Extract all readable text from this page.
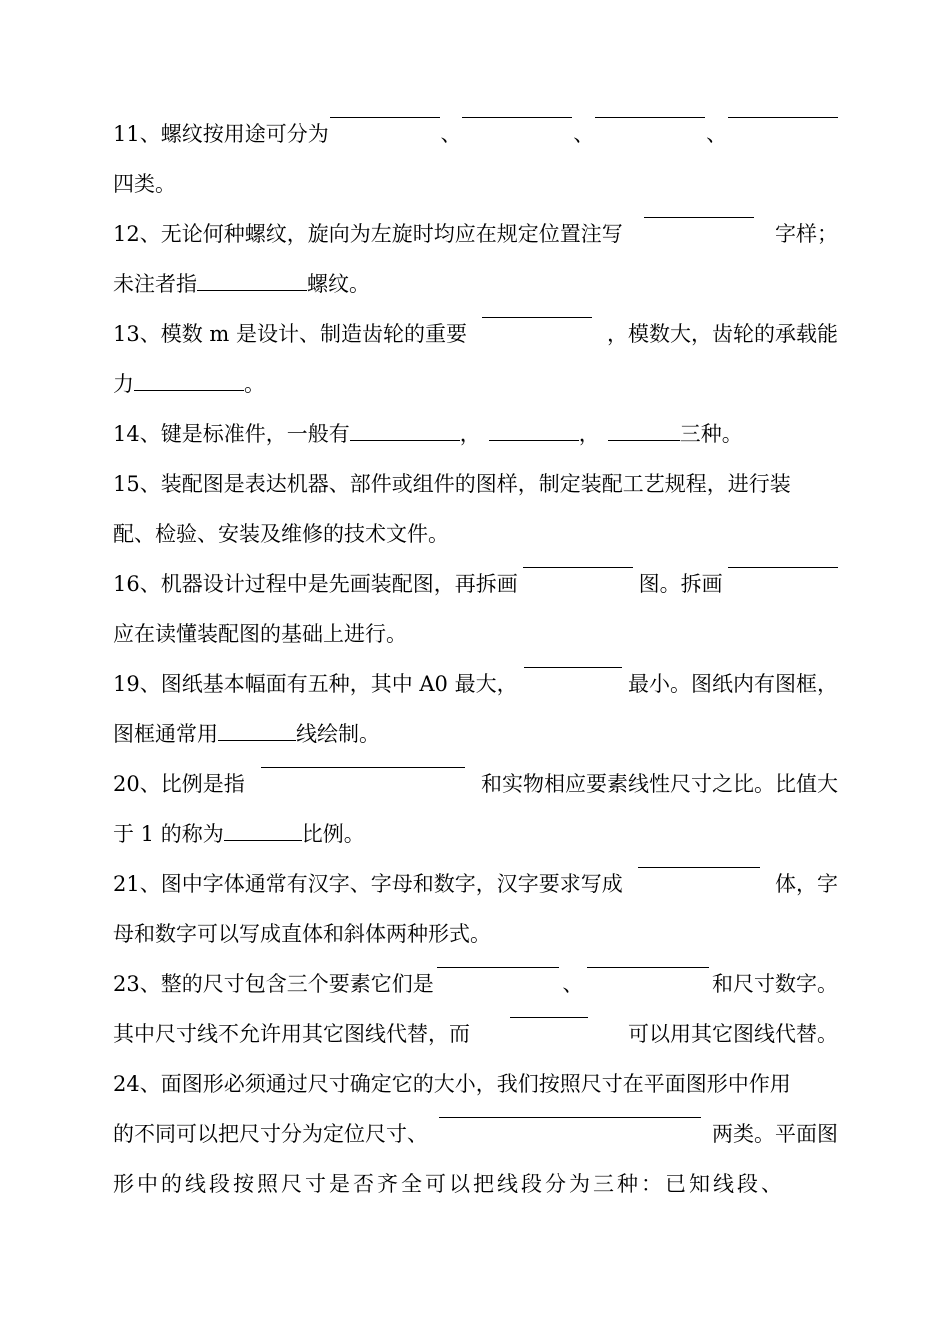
11、螺纹按用途可分为	、	、	、
四类。
12、无论何种螺纹，旋向为左旋时均应在规定位置注写	字样；
未注者指	螺纹。
13、模数 m 是设计、制造齿轮的重要	，模数大，齿轮的承载能
力	。
14、键是标准件，一般有	，	，	三种。
15、装配图是表达机器、部件或组件的图样，制定装配工艺规程，进行装
配、检验、安装及维修的技术文件。
16、机器设计过程中是先画装配图，再拆画	图。拆画
应在读懂装配图的基础上进行。
19、图纸基本幅面有五种，其中 A0 最大，	最小。图纸内有图框，
图框通常用	线绘制。
20、比例是指	和实物相应要素线性尺寸之比。比值大
于 1 的称为	比例。
21、图中字体通常有汉字、字母和数字，汉字要求写成	体，字
母和数字可以写成直体和斜体两种形式。
23、整的尺寸包含三个要素它们是	、	和尺寸数字。
其中尺寸线不允许用其它图线代替，而	可以用其它图线代替。
24、面图形必须通过尺寸确定它的大小，我们按照尺寸在平面图形中作用
的不同可以把尺寸分为定位尺寸、	两类。平面图
形中的线段按照尺寸是否齐全可以把线段分为三种：已知线段、
